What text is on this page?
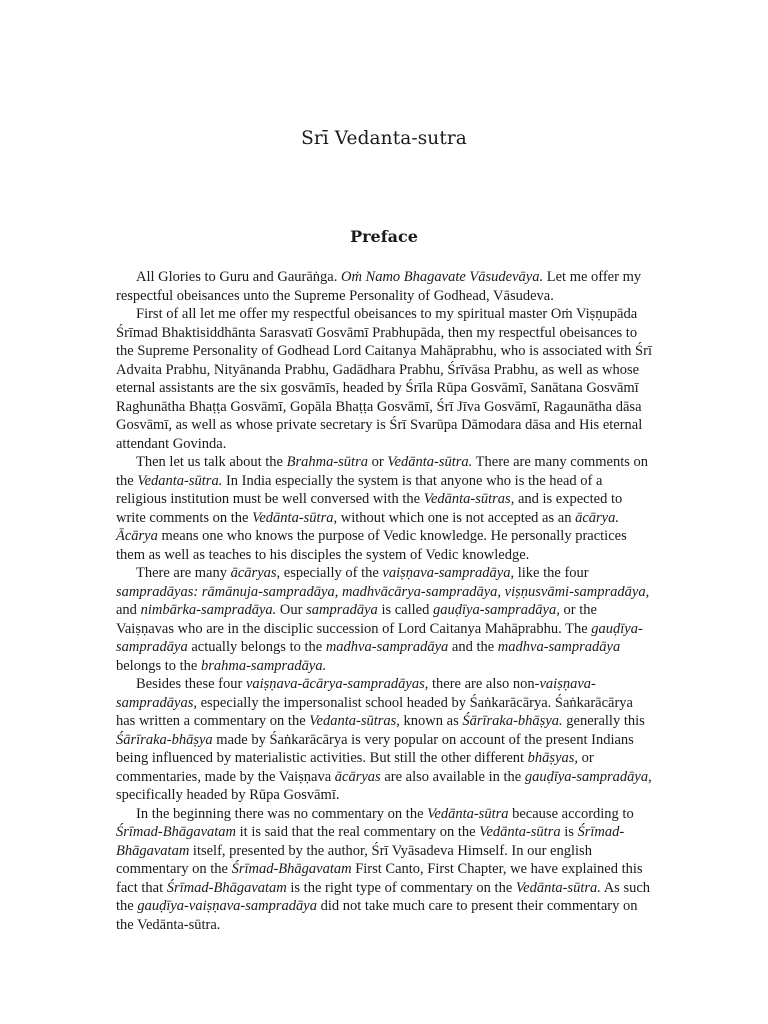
Srī Vedanta-sutra
Preface

All Glories to Guru and Gaurāṅga. Oṁ Namo Bhagavate Vāsudevāya. Let me offer my respectful obeisances unto the Supreme Personality of Godhead, Vāsudeva.

First of all let me offer my respectful obeisances to my spiritual master Oṁ Viṣṇupāda Śrīmad Bhaktisiddhānta Sarasvatī Gosvāmī Prabhupāda, then my respectful obeisances to the Supreme Personality of Godhead Lord Caitanya Mahāprabhu, who is associated with Śrī Advaita Prabhu, Nityānanda Prabhu, Gadādhara Prabhu, Śrīvāsa Prabhu, as well as whose eternal assistants are the six gosvāmīs, headed by Śrīla Rūpa Gosvāmī, Sanātana Gosvāmī Raghunātha Bhaṭṭa Gosvāmī, Gopāla Bhaṭṭa Gosvāmī, Śrī Jīva Gosvāmī, Ragaunātha dāsa Gosvāmī, as well as whose private secretary is Śrī Svarūpa Dāmodara dāsa and His eternal attendant Govinda.

Then let us talk about the Brahma-sūtra or Vedānta-sūtra. There are many comments on the Vedanta-sūtra. In India especially the system is that anyone who is the head of a religious institution must be well conversed with the Vedānta-sūtras, and is expected to write comments on the Vedānta-sūtra, without which one is not accepted as an ācārya. Ācārya means one who knows the purpose of Vedic knowledge. He personally practices them as well as teaches to his disciples the system of Vedic knowledge.

There are many ācāryas, especially of the vaiṣṇava-sampradāya, like the four sampradāyas: rāmānuja-sampradāya, madhvācārya-sampradāya, viṣṇusvāmi-sampradāya, and nimbārka-sampradāya. Our sampradāya is called gauḍīya-sampradāya, or the Vaiṣṇavas who are in the disciplic succession of Lord Caitanya Mahāprabhu. The gauḍīya-sampradāya actually belongs to the madhva-sampradāya and the madhva-sampradāya belongs to the brahma-sampradāya.

Besides these four vaiṣṇava-ācārya-sampradāyas, there are also non-vaiṣṇava-sampradāyas, especially the impersonalist school headed by Śaṅkarācārya. Śaṅkarācārya has written a commentary on the Vedanta-sūtras, known as Śārīraka-bhāṣya. generally this Śārīraka-bhāṣya made by Śaṅkarācārya is very popular on account of the present Indians being influenced by materialistic activities. But still the other different bhāṣyas, or commentaries, made by the Vaiṣṇava ācāryas are also available in the gauḍīya-sampradāya, specifically headed by Rūpa Gosvāmī.

In the beginning there was no commentary on the Vedānta-sūtra because according to Śrīmad-Bhāgavatam it is said that the real commentary on the Vedānta-sūtra is Śrīmad-Bhāgavatam itself, presented by the author, Śrī Vyāsadeva Himself. In our english commentary on the Śrīmad-Bhāgavatam First Canto, First Chapter, we have explained this fact that Śrīmad-Bhāgavatam is the right type of commentary on the Vedānta-sūtra. As such the gauḍīya-vaiṣṇava-sampradāya did not take much care to present their commentary on the Vedānta-sūtra.
